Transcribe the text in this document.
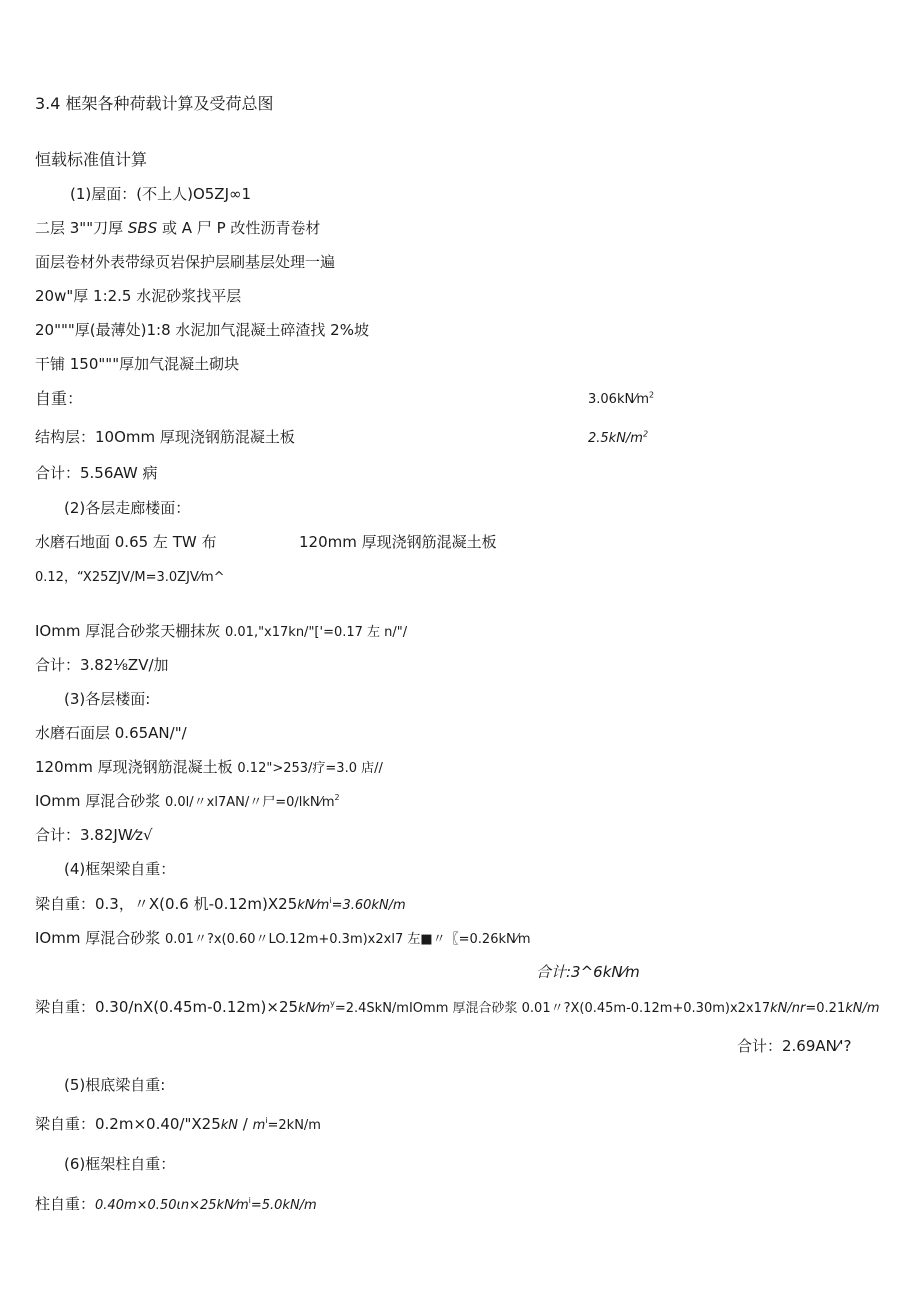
3.4 框架各种荷载计算及受荷总图
恒载标准值计算
(1)屋面：(不上人)O5ZJ∞1
二层 3""刀厚 SBS 或 A 尸 P 改性沥青卷材
面层卷材外表带绿页岩保护层刷基层处理一遍
20w"厚 1:2.5 水泥砂浆找平层
20"""厚(最薄处)1:8 水泥加气混凝土碎渣找 2%坡
干铺 150"""厚加气混凝土砌块
自重：	$3.06kN⁄m^2$
结构层：10Omm 厚现浇钢筋混凝土板	$2.5kN/m^2$
合计：5.56AW 病
(2)各层走廊楼面：
水磨石地面 0.65 左 TW 布	120mm 厚现浇钢筋混凝土板
0.12，“X25ZJV/M=3.0ZJV⁄m^
IOmm 厚混合砂浆天棚抹灰 0.01,"x17kn/"['=0.17 左 n/"/
合计：3.82⅛ZV/加
(3)各层楼面:
水磨石面层 0.65AN/"/
120mm 厚现浇钢筋混凝土板 0.12">253/疗=3.0 店//
IOmm 厚混合砂浆 0.0l/〃xl7AN/〃尸$=0∕lkN⁄m^2$
合计：3.82JW⁄z√
(4)框架梁自重：
梁自重：0.3，〃X(0.6 机$-0.12m)X25kN⁄m^i=3.60kN/m$
IOmm 厚混合砂浆 0.01〃?x(0.60〃LO.12m+0.3m)x2xl7 左■〃〖=0.26kN⁄m
合计:3^6kN⁄m
梁自重：$0.30/nX(0.45m-0.12m)\times 25kN⁄m^y=2.4SkN$/mIOmm 厚混合砂浆 0.01〃?X(0.45m-0.12m+0.30m)x2x17kN/nr=0.21kN/m
合计：2.69AN⁄'?
(5)根底梁自重:
梁自重：0.2m×0.40/"X25kN / $m^i=2kN/m$
(6)框架柱自重：
柱自重：$0.40m\times 0.50\iota n\times 25kN⁄m^i=5.0kN/m$
